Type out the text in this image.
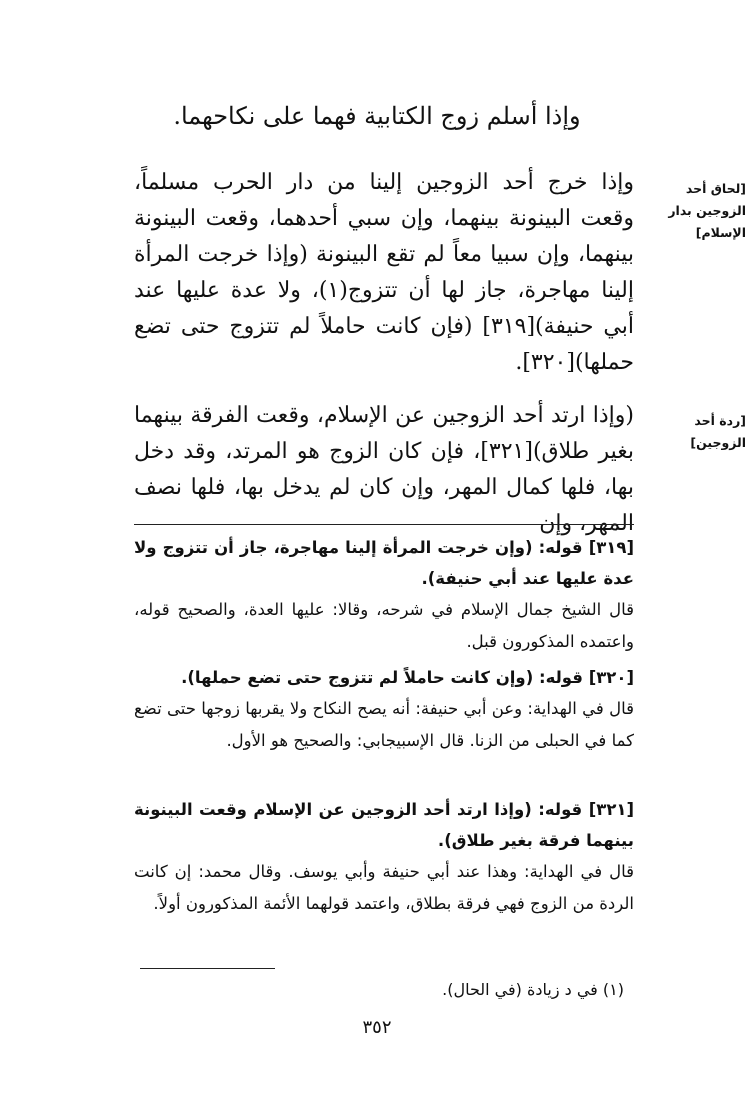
وإذا أسلم زوج الكتابية فهما على نكاحهما.
[لحاق أحد الزوجين بدار الإسلام]

وإذا خرج أحد الزوجين إلينا من دار الحرب مسلماً، وقعت البينونة بينهما، وإن سبي أحدهما، وقعت البينونة بينهما، وإن سبيا معاً لم تقع البينونة (وإذا خرجت المرأة إلينا مهاجرة، جاز لها أن تتزوج(١)، ولا عدة عليها عند أبي حنيفة)[٣١٩] (فإن كانت حاملاً لم تتزوج حتى تضع حملها)[٣٢٠].

[ردة أحد الزوجين]

(وإذا ارتد أحد الزوجين عن الإسلام، وقعت الفرقة بينهما بغير طلاق)[٣٢١]، فإن كان الزوج هو المرتد، وقد دخل بها، فلها كمال المهر، وإن كان لم يدخل بها، فلها نصف المهر، وإن

[٣١٩] قوله: (وإن خرجت المرأة إلينا مهاجرة، جاز أن تتزوج ولا عدة عليها عند أبي حنيفة).

قال الشيخ جمال الإسلام في شرحه، وقالا: عليها العدة، والصحيح قوله، واعتمده المذكورون قبل.

[٣٢٠] قوله: (وإن كانت حاملاً لم تتزوج حتى تضع حملها).

قال في الهداية: وعن أبي حنيفة: أنه يصح النكاح ولا يقربها زوجها حتى تضع كما في الحبلى من الزنا. قال الإسبيجابي: والصحيح هو الأول.

[٣٢١] قوله: (وإذا ارتد أحد الزوجين عن الإسلام وقعت البينونة بينهما فرقة بغير طلاق).

قال في الهداية: وهذا عند أبي حنيفة وأبي يوسف. وقال محمد: إن كانت الردة من الزوج فهي فرقة بطلاق، واعتمد قولهما الأئمة المذكورون أولاً.

(١) في د زيادة (في الحال).
٣٥٢
